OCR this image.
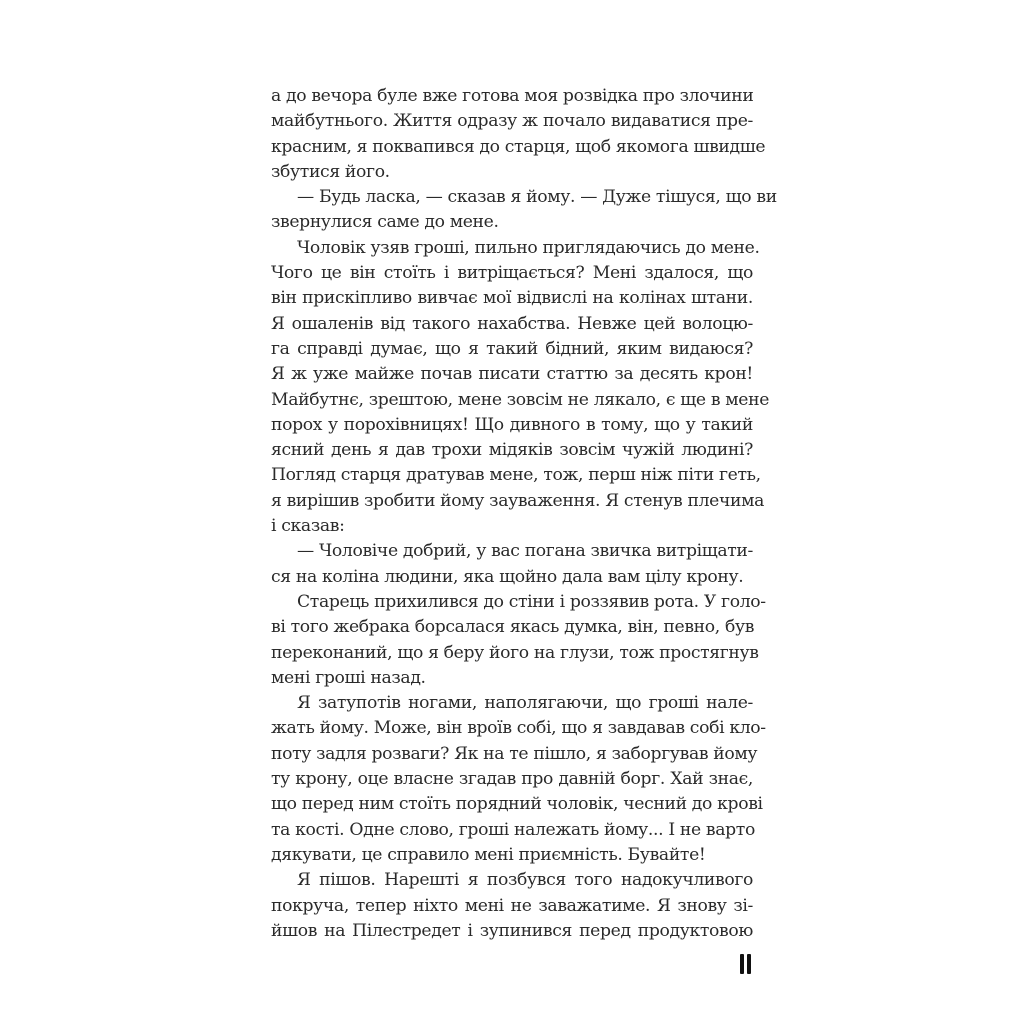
а до вечора буле вже готова моя розвідка про злочини
майбутнього. Життя одразу ж почало видаватися пре-
красним, я поквапився до старця, щоб якомога швидше
збутися його.
— Будь ласка, — сказав я йому. — Дуже тішуся, що ви
звернулися саме до мене.
Чоловік узяв гроші, пильно приглядаючись до мене.
Чого це він стоїть і витріщається? Мені здалося, що
він прискіпливо вивчає мої відвислі на колінах штани.
Я ошаленів від такого нахабства. Невже цей волоцю-
га справді думає, що я такий бідний, яким видаюся?
Я ж уже майже почав писати статтю за десять крон!
Майбутнє, зрештою, мене зовсім не лякало, є ще в мене
порох у порохівницях! Що дивного в тому, що у такий
ясний день я дав трохи мідяків зовсім чужій людині?
Погляд старця дратував мене, тож, перш ніж піти геть,
я вирішив зробити йому зауваження. Я стенув плечима
і сказав:
— Чоловіче добрий, у вас погана звичка витріщати-
ся на коліна людини, яка щойно дала вам цілу крону.
Старець прихилився до стіни і роззявив рота. У голо-
ві того жебрака борсалася якась думка, він, певно, був
переконаний, що я беру його на глузи, тож простягнув
мені гроші назад.
Я затупотів ногами, наполягаючи, що гроші нале-
жать йому. Може, він вроїв собі, що я завдавав собі кло-
поту задля розваги? Як на те пішло, я заборгував йому
ту крону, оце власне згадав про давній борг. Хай знає,
що перед ним стоїть порядний чоловік, чесний до крові
та кості. Одне слово, гроші належать йому... І не варто
дякувати, це справило мені приємність. Бувайте!
Я пішов. Нарешті я позбувся того надокучливого
покруча, тепер ніхто мені не заважатиме. Я знову зі-
йшов на Пілестредет і зупинився перед продуктовою
